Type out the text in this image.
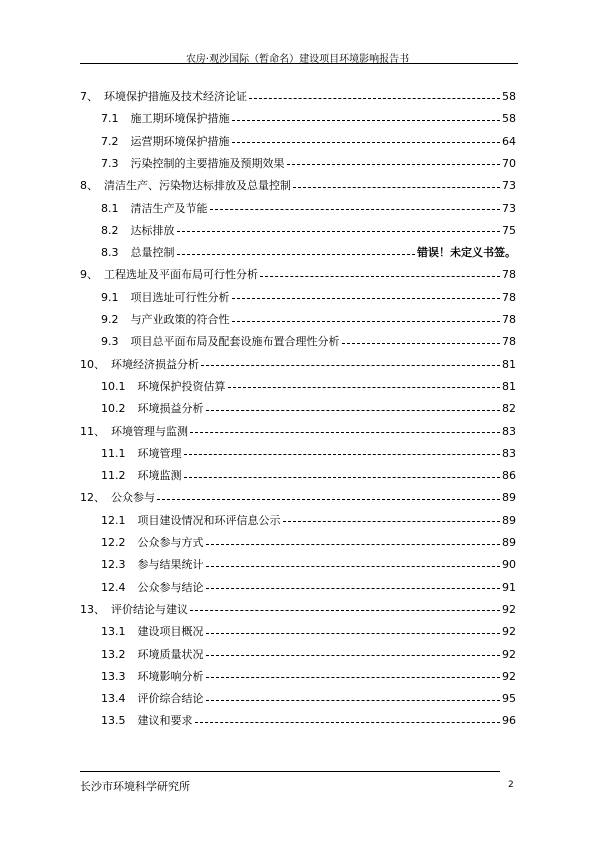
农房·观沙国际（暂命名）建设项目环境影响报告书
7、 环境保护措施及技术经济论证	58
7.1 施工期环境保护措施	58
7.2 运营期环境保护措施	64
7.3 污染控制的主要措施及预期效果	70
8、 清洁生产、污染物达标排放及总量控制	73
8.1 清洁生产及节能	73
8.2 达标排放	75
8.3 总量控制	错误！未定义书签。
9、 工程选址及平面布局可行性分析	78
9.1 项目选址可行性分析	78
9.2 与产业政策的符合性	78
9.3 项目总平面布局及配套设施布置合理性分析	78
10、 环境经济损益分析	81
10.1 环境保护投资估算	81
10.2 环境损益分析	82
11、 环境管理与监测	83
11.1 环境管理	83
11.2 环境监测	86
12、 公众参与	89
12.1 项目建设情况和环评信息公示	89
12.2 公众参与方式	89
12.3 参与结果统计	90
12.4 公众参与结论	91
13、 评价结论与建议	92
13.1 建设项目概况	92
13.2 环境质量状况	92
13.3 环境影响分析	92
13.4 评价综合结论	95
13.5 建议和要求	96
长沙市环境科学研究所	2
